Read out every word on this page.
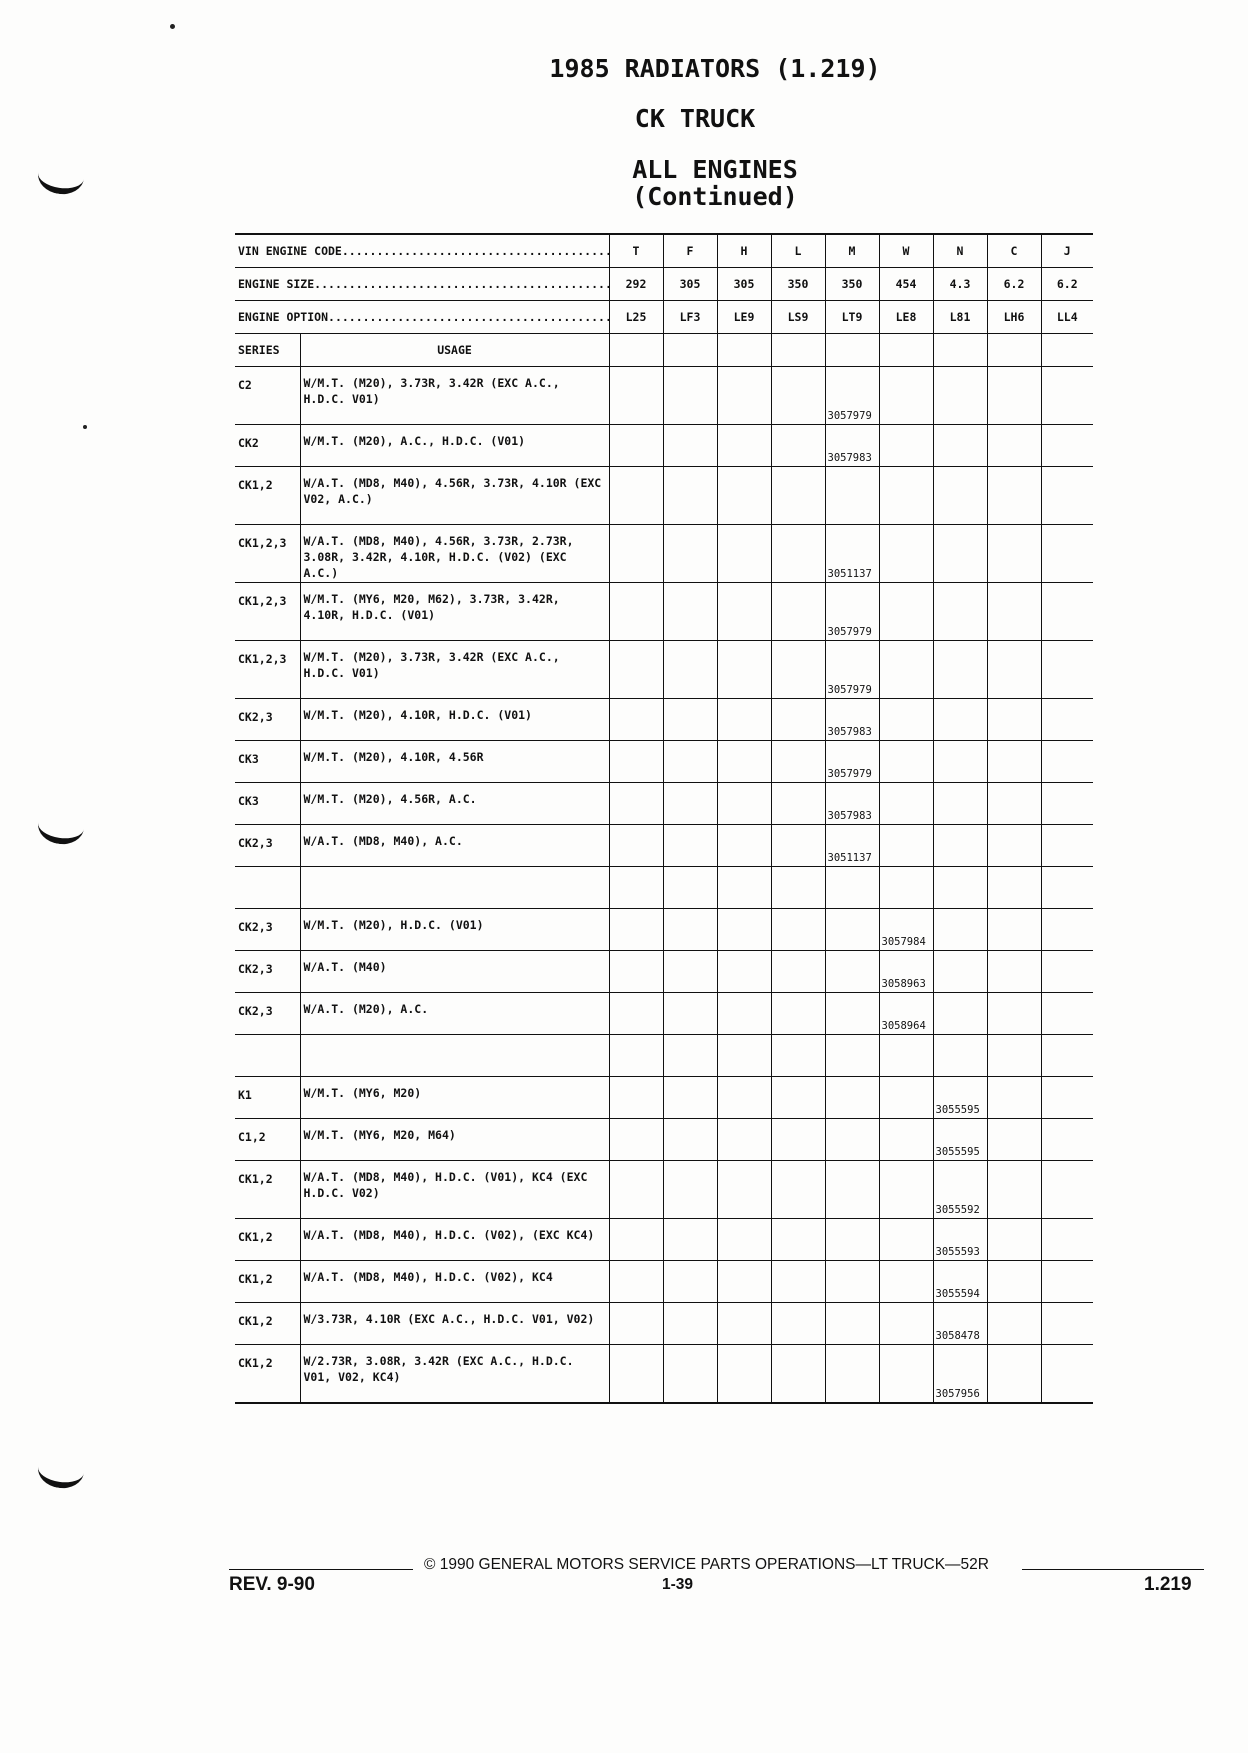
1985 RADIATORS (1.219)
CK TRUCK
ALL ENGINES
(Continued)
VIN ENGINE CODE .....		T	F	H	L	M	W	N	C	J
ENGINE SIZE .....		292	305	305	350	350	454	4.3	6.2	6.2
ENGINE OPTION .....		L25	LF3	LE9	LS9	LT9	LE8	L81	LH6	LL4
SERIES	USAGE									
C2	W/M.T. (M20), 3.73R, 3.42R (EXC A.C., H.D.C. V01)					3057979				
CK2	W/M.T. (M20), A.C., H.D.C. (V01)					3057983				
CK1,2	W/A.T. (MD8, M40), 4.56R, 3.73R, 4.10R (EXC V02, A.C.)									
CK1,2,3	W/A.T. (MD8, M40), 4.56R, 3.73R, 2.73R, 3.08R, 3.42R, 4.10R, H.D.C. (V02) (EXC A.C.)					3051137				
CK1,2,3	W/M.T. (MY6, M20, M62), 3.73R, 3.42R, 4.10R, H.D.C. (V01)					3057979				
CK1,2,3	W/M.T. (M20), 3.73R, 3.42R (EXC A.C., H.D.C. V01)					3057979				
CK2,3	W/M.T. (M20), 4.10R, H.D.C. (V01)					3057983				
CK3	W/M.T. (M20), 4.10R, 4.56R					3057979				
CK3	W/M.T. (M20), 4.56R, A.C.					3057983				
CK2,3	W/A.T. (MD8, M40), A.C.					3051137				

CK2,3	W/M.T. (M20), H.D.C. (V01)						3057984			
CK2,3	W/A.T. (M40)						3058963			
CK2,3	W/A.T. (M20), A.C.						3058964			

K1	W/M.T. (MY6, M20)							3055595		
C1,2	W/M.T. (MY6, M20, M64)							3055595		
CK1,2	W/A.T. (MD8, M40), H.D.C. (V01), KC4 (EXC H.D.C. V02)							3055592		
CK1,2	W/A.T. (MD8, M40), H.D.C. (V02), (EXC KC4)							3055593		
CK1,2	W/A.T. (MD8, M40), H.D.C. (V02), KC4							3055594		
CK1,2	W/3.73R, 4.10R (EXC A.C., H.D.C. V01, V02)							3058478		
CK1,2	W/2.73R, 3.08R, 3.42R (EXC A.C., H.D.C. V01, V02, KC4)							3057956		
REV. 9-90
© 1990 GENERAL MOTORS SERVICE PARTS OPERATIONS—LT TRUCK—52R
1-39	1.219
